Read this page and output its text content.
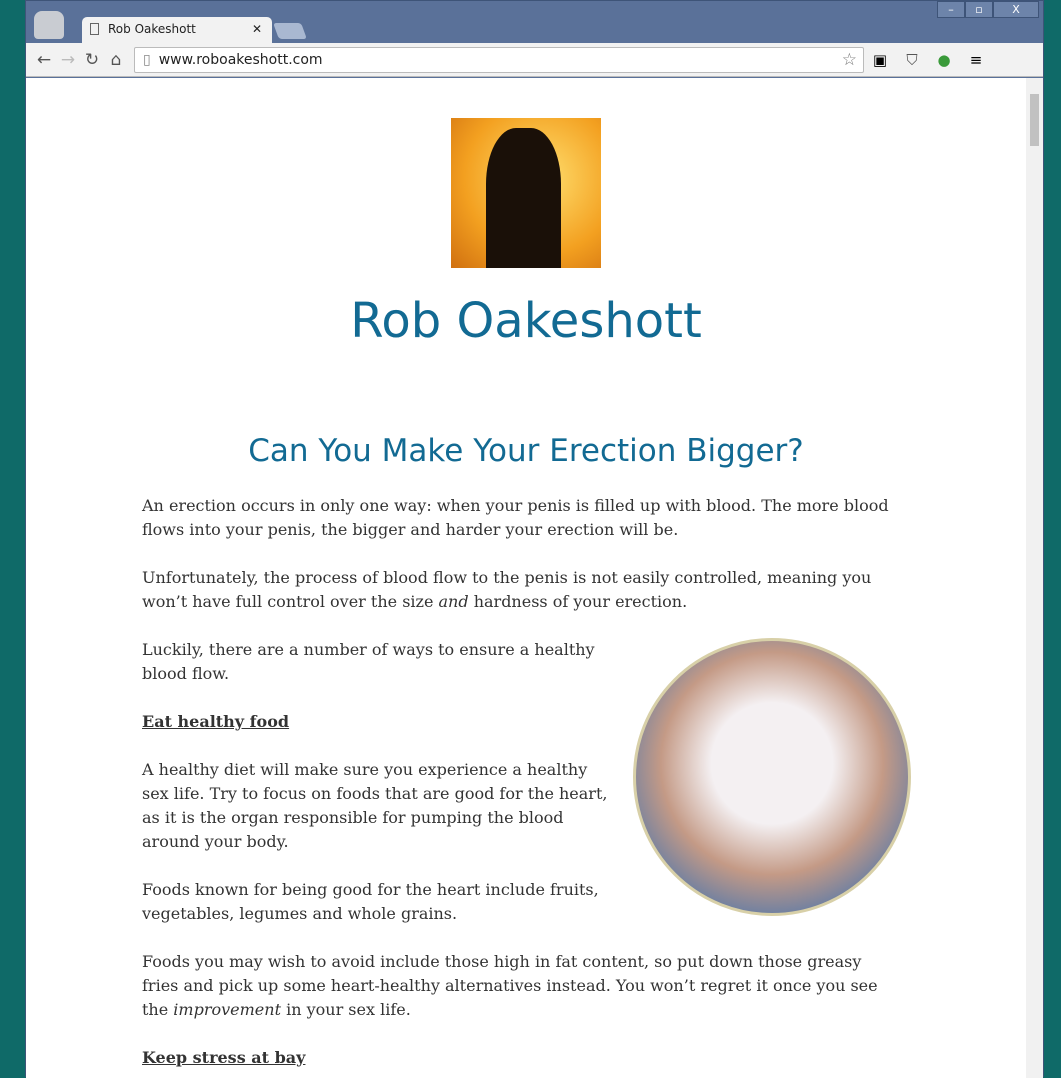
–	▫	X
Rob Oakeshott	✕
← → ↻ ⌂	▯ www.roboakeshott.com	☆	▣	⛉	●	≡
Rob Oakeshott
Can You Make Your Erection Bigger?

An erection occurs in only one way: when your penis is filled up with blood. The more blood flows into your penis, the bigger and harder your erection will be.

Unfortunately, the process of blood flow to the penis is not easily controlled, meaning you won’t have full control over the size and hardness of your erection.

Luckily, there are a number of ways to ensure a healthy blood flow.

Eat healthy food

A healthy diet will make sure you experience a healthy sex life. Try to focus on foods that are good for the heart, as it is the organ responsible for pumping the blood around your body.

Foods known for being good for the heart include fruits, vegetables, legumes and whole grains.

Foods you may wish to avoid include those high in fat content, so put down those greasy fries and pick up some heart-healthy alternatives instead. You won’t regret it once you see the improvement in your sex life.

Keep stress at bay
